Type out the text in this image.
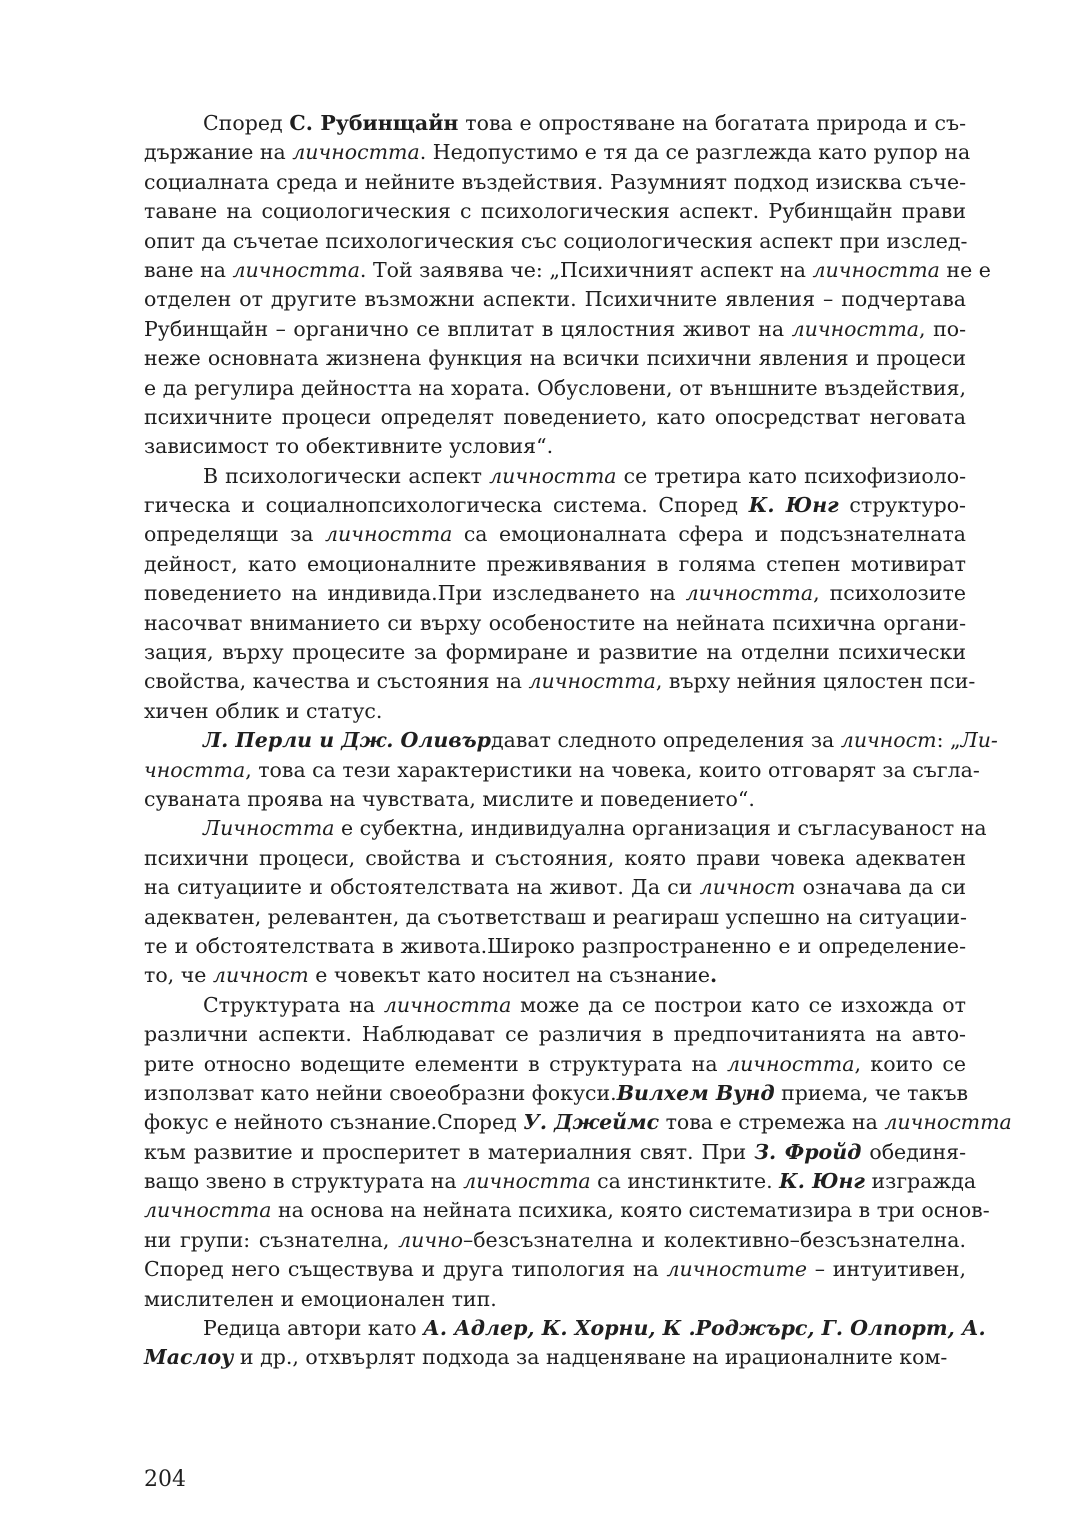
Според С. Рубинщайн това е опростяване на богатата природа и съ-
държание на личността. Недопустимо е тя да се разглежда като рупор на
социалната среда и нейните въздействия. Разумният подход изисква съче-
таване на социологическия с психологическия аспект. Рубинщайн прави
опит да съчетае психологическия със социологическия аспект при изслед-
ване на личността. Той заявява че: „Психичният аспект на личността не е
отделен от другите възможни аспекти. Психичните явления – подчертава
Рубинщайн – органично се вплитат в цялостния живот на личността, по-
неже основната жизнена функция на всички психични явления и процеси
е да регулира дейността на хората. Обусловени, от външните въздействия,
психичните процеси определят поведението, като опосредстват неговата
зависимост то обективните условия“.
В психологически аспект личността се третира като психофизиоло-
гическа и социалнопсихологическа система. Според К. Юнг структуро-
определящи за личността са емоционалната сфера и подсъзнателната
дейност, като емоционалните преживявания в голяма степен мотивират
поведението на индивида.При изследването на личността, психолозите
насочват вниманието си върху особеностите на нейната психична органи-
зация, върху процесите за формиране и развитие на отделни психически
свойства, качества и състояния на личността, върху нейния цялостен пси-
хичен облик и статус.
Л. Перли и Дж. Оливърдават следното определения за личност: „Ли-
чността, това са тези характеристики на човека, които отговарят за съгла-
суваната проява на чувствата, мислите и поведението“.
Личността е субектна, индивидуална организация и съгласуваност на
психични процеси, свойства и състояния, която прави човека адекватен
на ситуациите и обстоятелствата на живот. Да си личност означава да си
адекватен, релевантен, да съответстваш и реагираш успешно на ситуации-
те и обстоятелствата в живота.Широко разпространенно е и определение-
то, че личност е човекът като носител на съзнание.
Структурата на личността може да се построи като се изхожда от
различни аспекти. Наблюдават се различия в предпочитанията на авто-
рите относно водещите елементи в структурата на личността, които се
използват като нейни своеобразни фокуси.Вилхем Вунд приема, че такъв
фокус е нейното съзнание.Според У. Джеймс това е стремежа на личността
към развитие и просперитет в материалния свят. При З. Фройд обединя-
ващо звено в структурата на личността са инстинктите. К. Юнг изгражда
личността на основа на нейната психика, която систематизира в три основ-
ни групи: съзнателна, лично–безсъзнателна и колективно–безсъзнателна.
Според него съществува и друга типология на личностите – интуитивен,
мислителен и емоционален тип.
Редица автори като А. Адлер, К. Хорни, К .Роджърс, Г. Олпорт, А.
Маслоу и др., отхвърлят подхода за надценяване на ирационалните ком-
204
